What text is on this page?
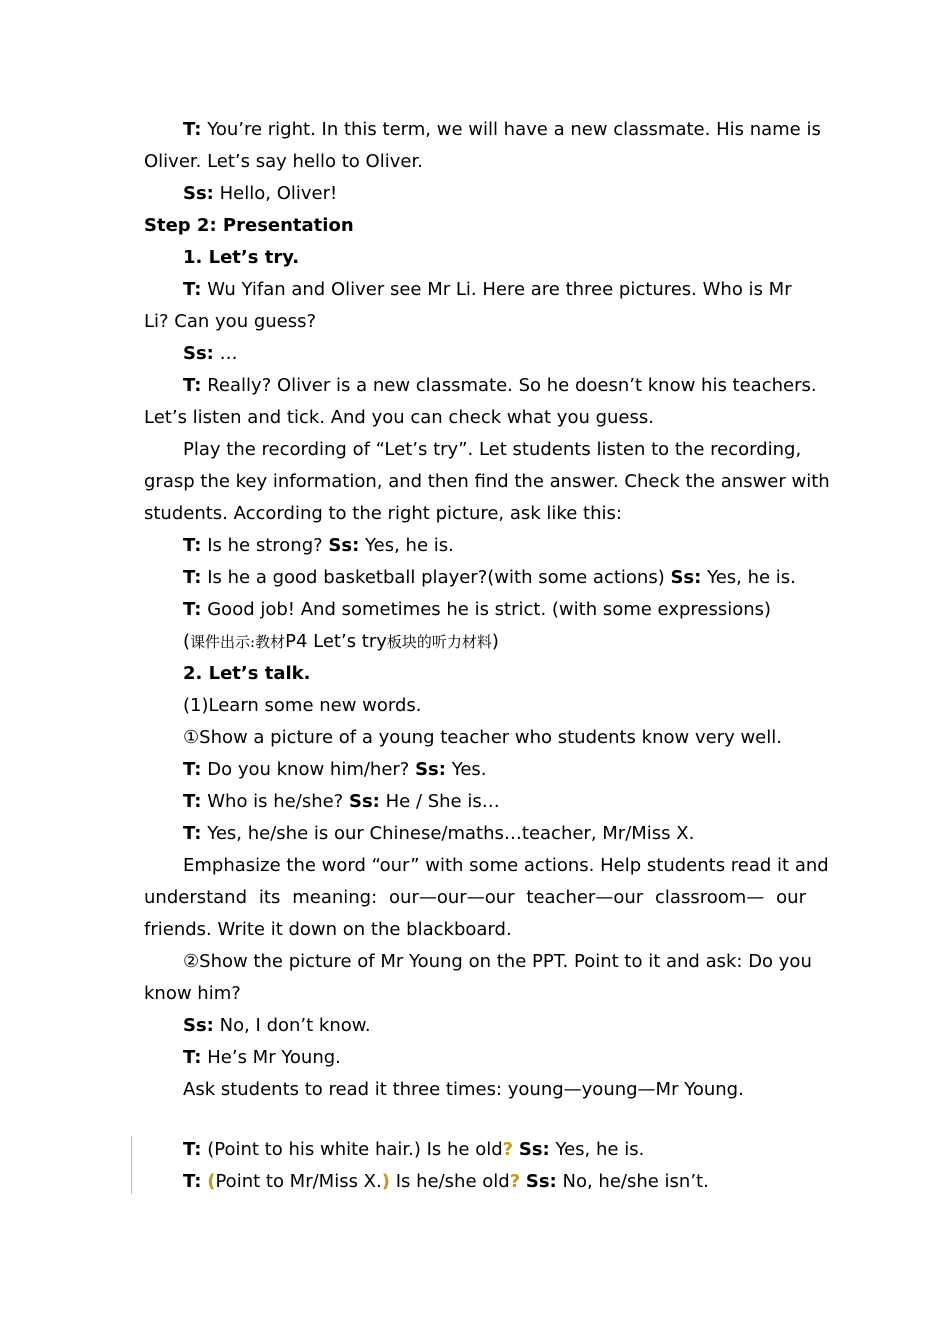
T: You’re right. In this term, we will have a new classmate. His name is
Oliver. Let’s say hello to Oliver.
Ss: Hello, Oliver!
Step 2: Presentation
1. Let’s try.
T: Wu Yifan and Oliver see Mr Li. Here are three pictures. Who is Mr
Li? Can you guess?
Ss: …
T: Really? Oliver is a new classmate. So he doesn’t know his teachers.
Let’s listen and tick. And you can check what you guess.
Play the recording of “Let’s try”. Let students listen to the recording,
grasp the key information, and then find the answer. Check the answer with
students. According to the right picture, ask like this:
T: Is he strong? Ss: Yes, he is.
T: Is he a good basketball player?(with some actions) Ss: Yes, he is.
T: Good job! And sometimes he is strict. (with some expressions)
(课件出示:教材P4 Let’s try板块的听力材料)
2. Let’s talk.
(1)Learn some new words.
①Show a picture of a young teacher who students know very well.
T: Do you know him/her? Ss: Yes.
T: Who is he/she? Ss: He / She is…
T: Yes, he/she is our Chinese/maths…teacher, Mr/Miss X.
Emphasize the word “our” with some actions. Help students read it and
understand its meaning: our—our—our teacher—our classroom— our
friends. Write it down on the blackboard.
②Show the picture of Mr Young on the PPT. Point to it and ask: Do you
know him?
Ss: No, I don’t know.
T: He’s Mr Young.
Ask students to read it three times: young—young—Mr Young.
T: (Point to his white hair.) Is he old? Ss: Yes, he is.
T: (Point to Mr/Miss X.) Is he/she old? Ss: No, he/she isn’t.
